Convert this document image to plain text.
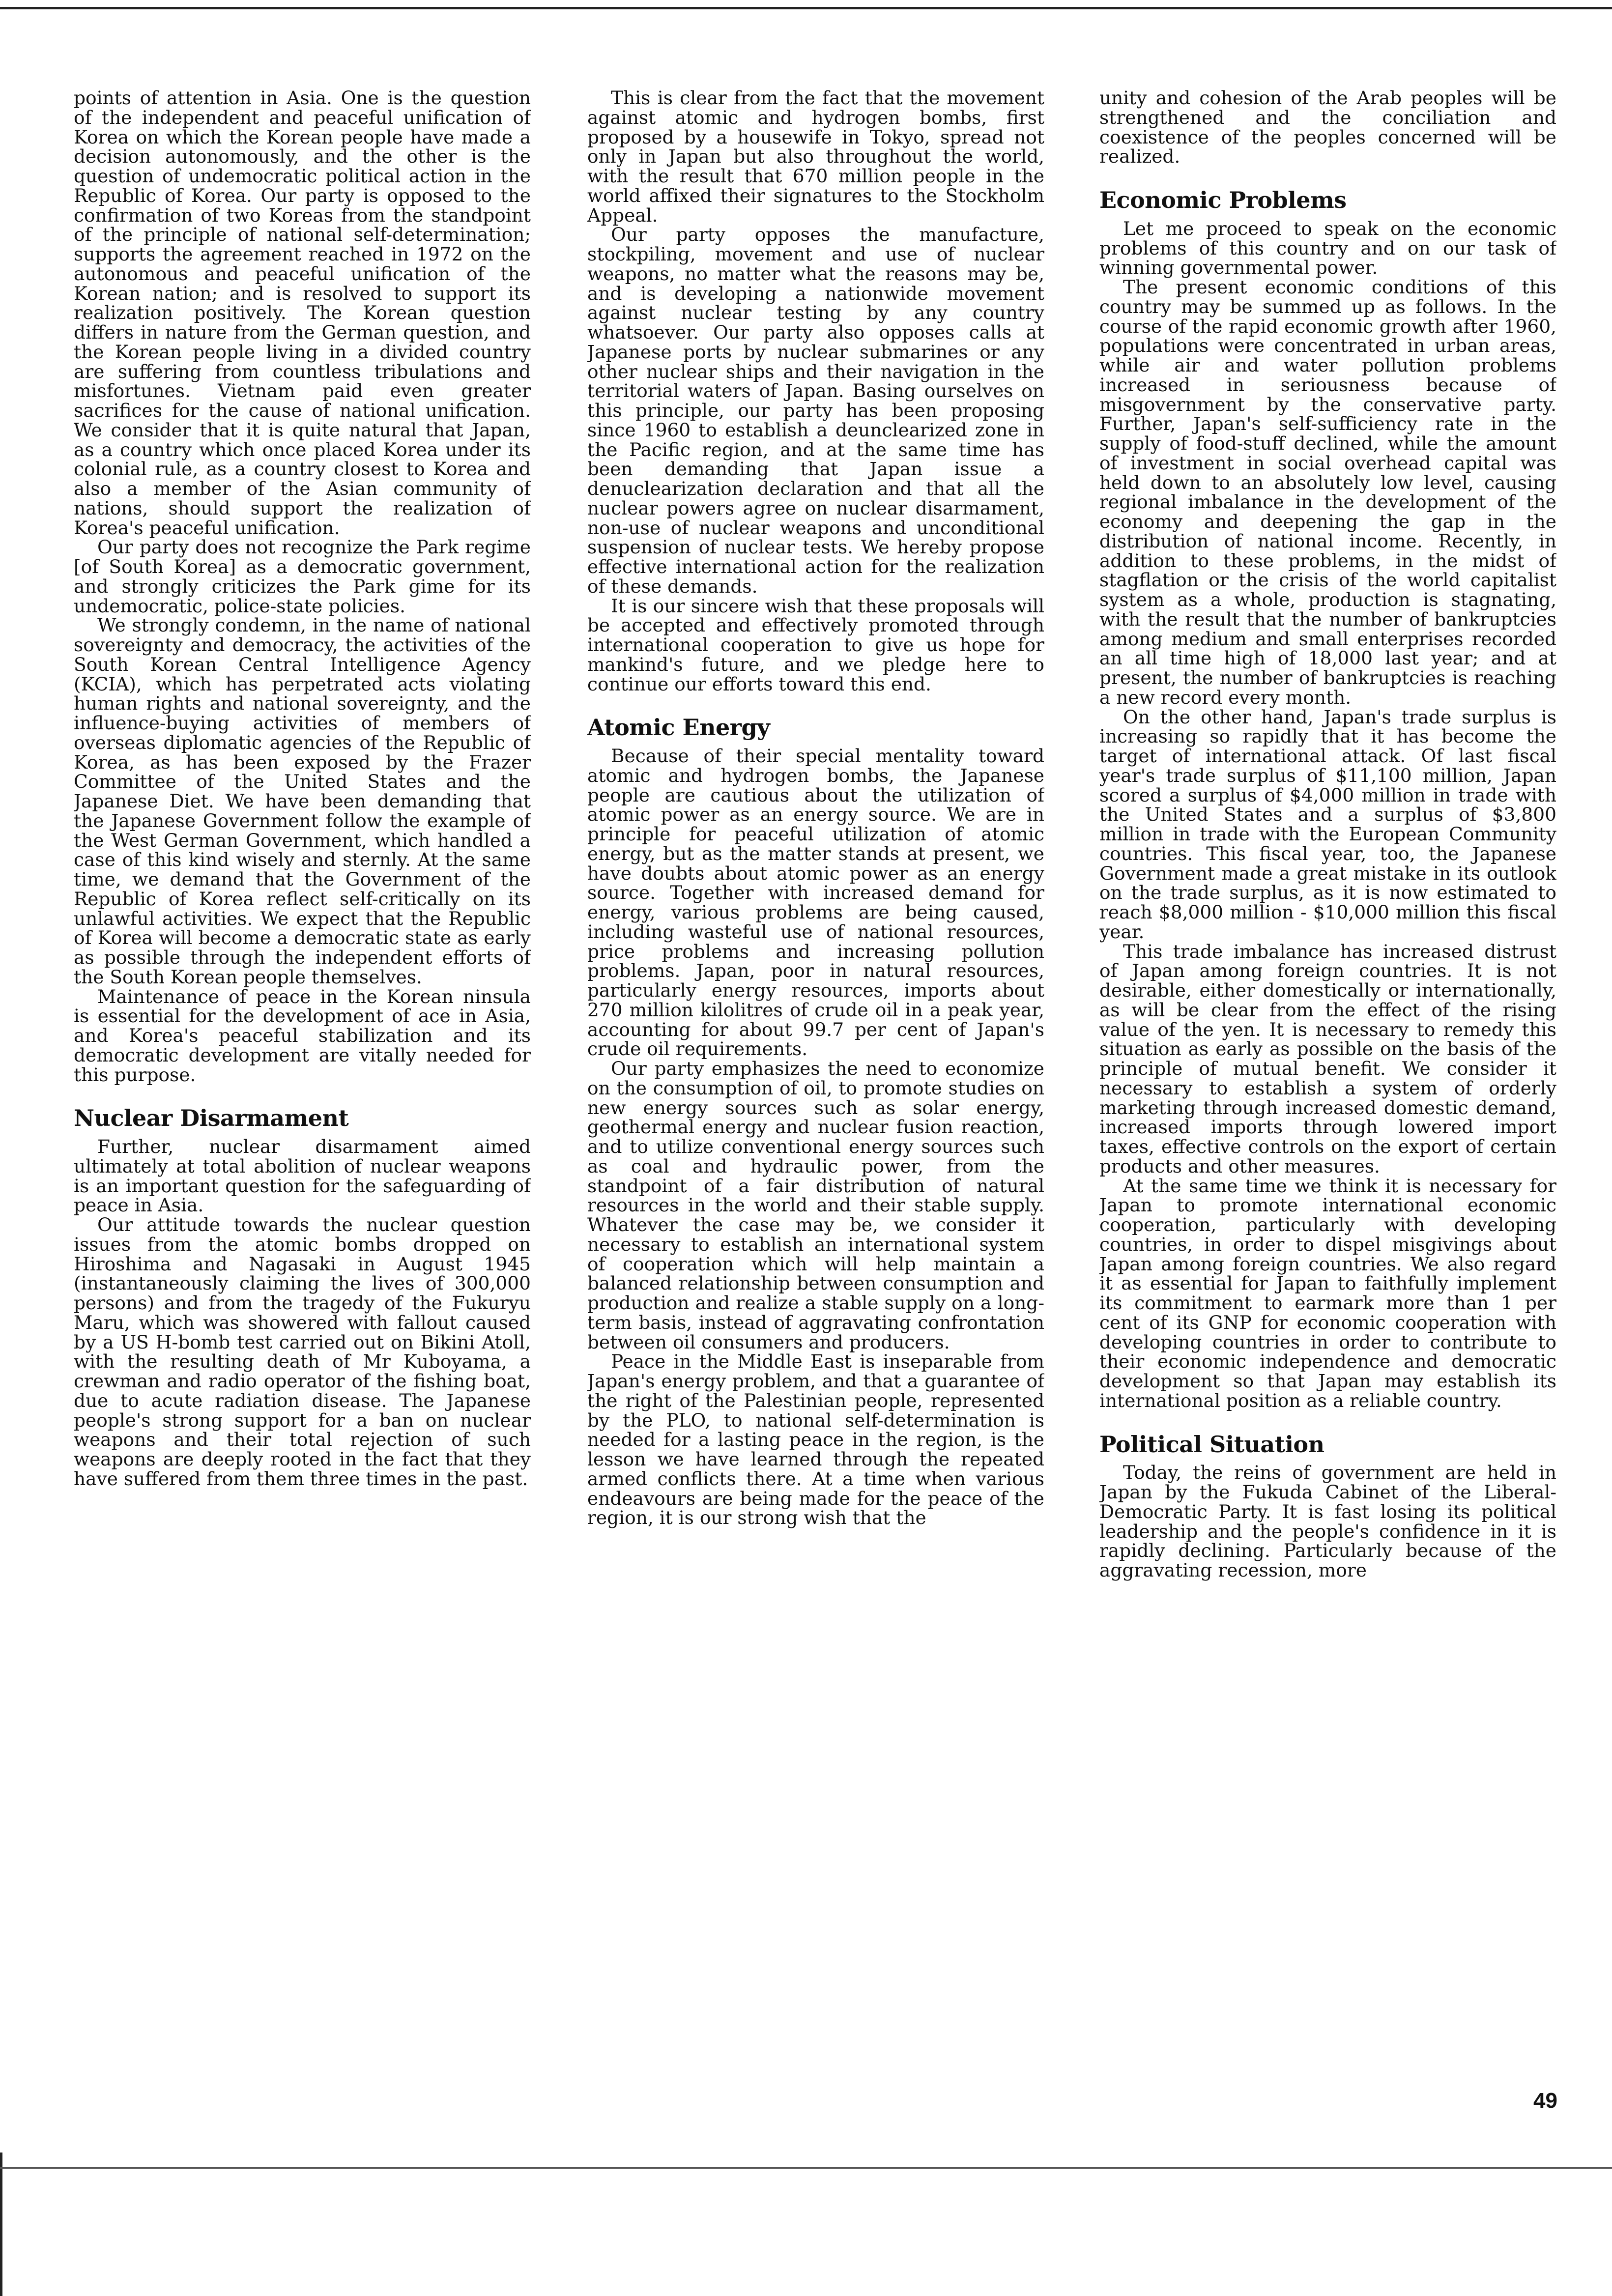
points of attention in Asia. One is the question of the independent and peaceful unification of Korea on which the Korean people have made a decision autonomously, and the other is the question of undemocratic political action in the Republic of Korea. Our party is opposed to the confirmation of two Koreas from the standpoint of the principle of national self-determination; supports the agreement reached in 1972 on the autonomous and peaceful unification of the Korean nation; and is resolved to support its realization positively. The Korean question differs in nature from the German question, and the Korean people living in a divided country are suffering from countless tribulations and misfortunes. Vietnam paid even greater sacrifices for the cause of national unification. We consider that it is quite natural that Japan, as a country which once placed Korea under its colonial rule, as a country closest to Korea and also a member of the Asian community of nations, should support the realization of Korea's peaceful unification.

Our party does not recognize the Park regime [of South Korea] as a democratic government, and strongly criticizes the Park gime for its undemocratic, police-state policies.

We strongly condemn, in the name of national sovereignty and democracy, the activities of the South Korean Central Intelligence Agency (KCIA), which has perpetrated acts violating human rights and national sovereignty, and the influence-buying activities of members of overseas diplomatic agencies of the Republic of Korea, as has been exposed by the Frazer Committee of the United States and the Japanese Diet. We have been demanding that the Japanese Government follow the example of the West German Government, which handled a case of this kind wisely and sternly. At the same time, we demand that the Government of the Republic of Korea reflect self-critically on its unlawful activities. We expect that the Republic of Korea will become a democratic state as early as possible through the independent efforts of the South Korean people themselves.

Maintenance of peace in the Korean ninsula is essential for the development of ace in Asia, and Korea's peaceful stabilization and its democratic development are vitally needed for this purpose.

Nuclear Disarmament

Further, nuclear disarmament aimed ultimately at total abolition of nuclear weapons is an important question for the safeguarding of peace in Asia.

Our attitude towards the nuclear question issues from the atomic bombs dropped on Hiroshima and Nagasaki in August 1945 (instantaneously claiming the lives of 300,000 persons) and from the tragedy of the Fukuryu Maru, which was showered with fallout caused by a US H-bomb test carried out on Bikini Atoll, with the resulting death of Mr Kuboyama, a crewman and radio operator of the fishing boat, due to acute radiation disease. The Japanese people's strong support for a ban on nuclear weapons and their total rejection of such weapons are deeply rooted in the fact that they have suffered from them three times in the past.

This is clear from the fact that the movement against atomic and hydrogen bombs, first proposed by a housewife in Tokyo, spread not only in Japan but also throughout the world, with the result that 670 million people in the world affixed their signatures to the Stockholm Appeal.

Our party opposes the manufacture, stockpiling, movement and use of nuclear weapons, no matter what the reasons may be, and is developing a nationwide movement against nuclear testing by any country whatsoever. Our party also opposes calls at Japanese ports by nuclear submarines or any other nuclear ships and their navigation in the territorial waters of Japan. Basing ourselves on this principle, our party has been proposing since 1960 to establish a deunclearized zone in the Pacific region, and at the same time has been demanding that Japan issue a denuclearization declaration and that all the nuclear powers agree on nuclear disarmament, non-use of nuclear weapons and unconditional suspension of nuclear tests. We hereby propose effective international action for the realization of these demands.

It is our sincere wish that these proposals will be accepted and effectively promoted through international cooperation to give us hope for mankind's future, and we pledge here to continue our efforts toward this end.

Atomic Energy

Because of their special mentality toward atomic and hydrogen bombs, the Japanese people are cautious about the utilization of atomic power as an energy source. We are in principle for peaceful utilization of atomic energy, but as the matter stands at present, we have doubts about atomic power as an energy source. Together with increased demand for energy, various problems are being caused, including wasteful use of national resources, price problems and increasing pollution problems. Japan, poor in natural resources, particularly energy resources, imports about 270 million kilolitres of crude oil in a peak year, accounting for about 99.7 per cent of Japan's crude oil requirements.

Our party emphasizes the need to economize on the consumption of oil, to promote studies on new energy sources such as solar energy, geothermal energy and nuclear fusion reaction, and to utilize conventional energy sources such as coal and hydraulic power, from the standpoint of a fair distribution of natural resources in the world and their stable supply. Whatever the case may be, we consider it necessary to establish an international system of cooperation which will help maintain a balanced relationship between consumption and production and realize a stable supply on a long-term basis, instead of aggravating confrontation between oil consumers and producers.

Peace in the Middle East is inseparable from Japan's energy problem, and that a guarantee of the right of the Palestinian people, represented by the PLO, to national self-determination is needed for a lasting peace in the region, is the lesson we have learned through the repeated armed conflicts there. At a time when various endeavours are being made for the peace of the region, it is our strong wish that the

unity and cohesion of the Arab peoples will be strengthened and the conciliation and coexistence of the peoples concerned will be realized.

Economic Problems

Let me proceed to speak on the economic problems of this country and on our task of winning governmental power.

The present economic conditions of this country may be summed up as follows. In the course of the rapid economic growth after 1960, populations were concentrated in urban areas, while air and water pollution problems increased in seriousness because of misgovernment by the conservative party. Further, Japan's self-sufficiency rate in the supply of food-stuff declined, while the amount of investment in social overhead capital was held down to an absolutely low level, causing regional imbalance in the development of the economy and deepening the gap in the distribution of national income. Recently, in addition to these problems, in the midst of stagflation or the crisis of the world capitalist system as a whole, production is stagnating, with the result that the number of bankruptcies among medium and small enterprises recorded an all time high of 18,000 last year; and at present, the number of bankruptcies is reaching a new record every month.

On the other hand, Japan's trade surplus is increasing so rapidly that it has become the target of international attack. Of last fiscal year's trade surplus of $11,100 million, Japan scored a surplus of $4,000 million in trade with the United States and a surplus of $3,800 million in trade with the European Community countries. This fiscal year, too, the Japanese Government made a great mistake in its outlook on the trade surplus, as it is now estimated to reach $8,000 million - $10,000 million this fiscal year.

This trade imbalance has increased distrust of Japan among foreign countries. It is not desirable, either domestically or internationally, as will be clear from the effect of the rising value of the yen. It is necessary to remedy this situation as early as possible on the basis of the principle of mutual benefit. We consider it necessary to establish a system of orderly marketing through increased domestic demand, increased imports through lowered import taxes, effective controls on the export of certain products and other measures.

At the same time we think it is necessary for Japan to promote international economic cooperation, particularly with developing countries, in order to dispel misgivings about Japan among foreign countries. We also regard it as essential for Japan to faithfully implement its commitment to earmark more than 1 per cent of its GNP for economic cooperation with developing countries in order to contribute to their economic independence and democratic development so that Japan may establish its international position as a reliable country.

Political Situation

Today, the reins of government are held in Japan by the Fukuda Cabinet of the Liberal-Democratic Party. It is fast losing its political leadership and the people's confidence in it is rapidly declining. Particularly because of the aggravating recession, more

49
